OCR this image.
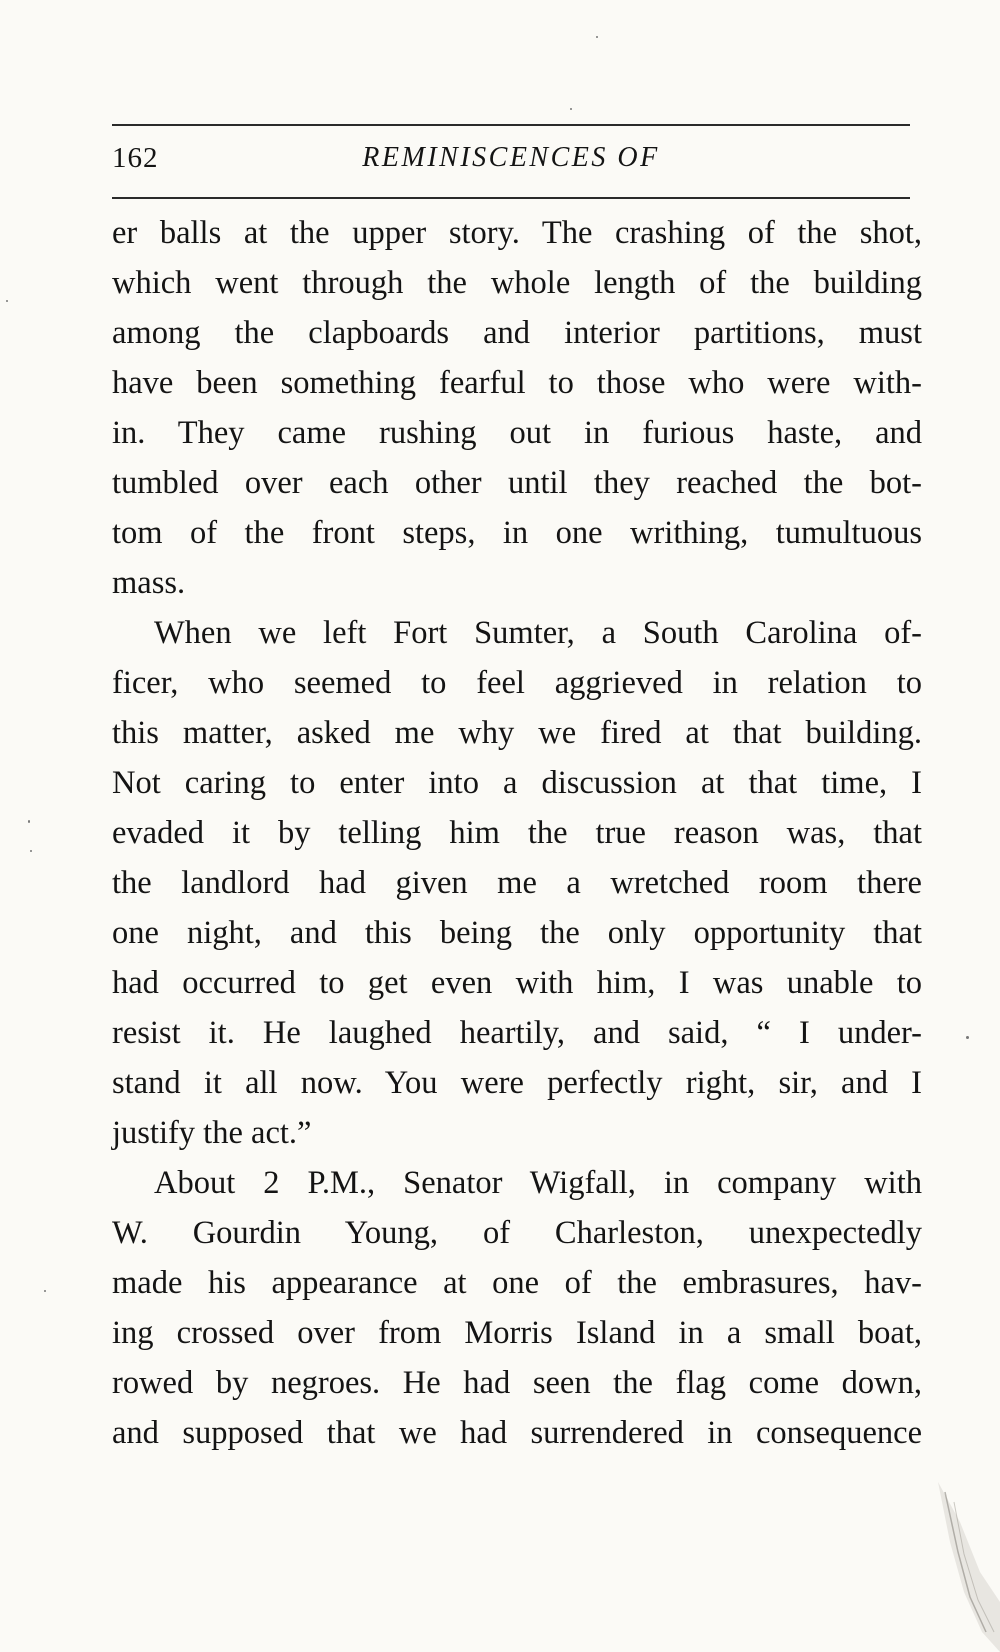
162	REMINISCENCES OF
er balls at the upper story. The crashing of the shot,
which went through the whole length of the building
among the clapboards and interior partitions, must
have been something fearful to those who were with-
in. They came rushing out in furious haste, and
tumbled over each other until they reached the bot-
tom of the front steps, in one writhing, tumultuous
mass.
When we left Fort Sumter, a South Carolina of-
ficer, who seemed to feel aggrieved in relation to
this matter, asked me why we fired at that building.
Not caring to enter into a discussion at that time, I
evaded it by telling him the true reason was, that
the landlord had given me a wretched room there
one night, and this being the only opportunity that
had occurred to get even with him, I was unable to
resist it. He laughed heartily, and said, “ I under-
stand it all now. You were perfectly right, sir, and I
justify the act.”
About 2 P.M., Senator Wigfall, in company with
W. Gourdin Young, of Charleston, unexpectedly
made his appearance at one of the embrasures, hav-
ing crossed over from Morris Island in a small boat,
rowed by negroes. He had seen the flag come down,
and supposed that we had surrendered in consequence
